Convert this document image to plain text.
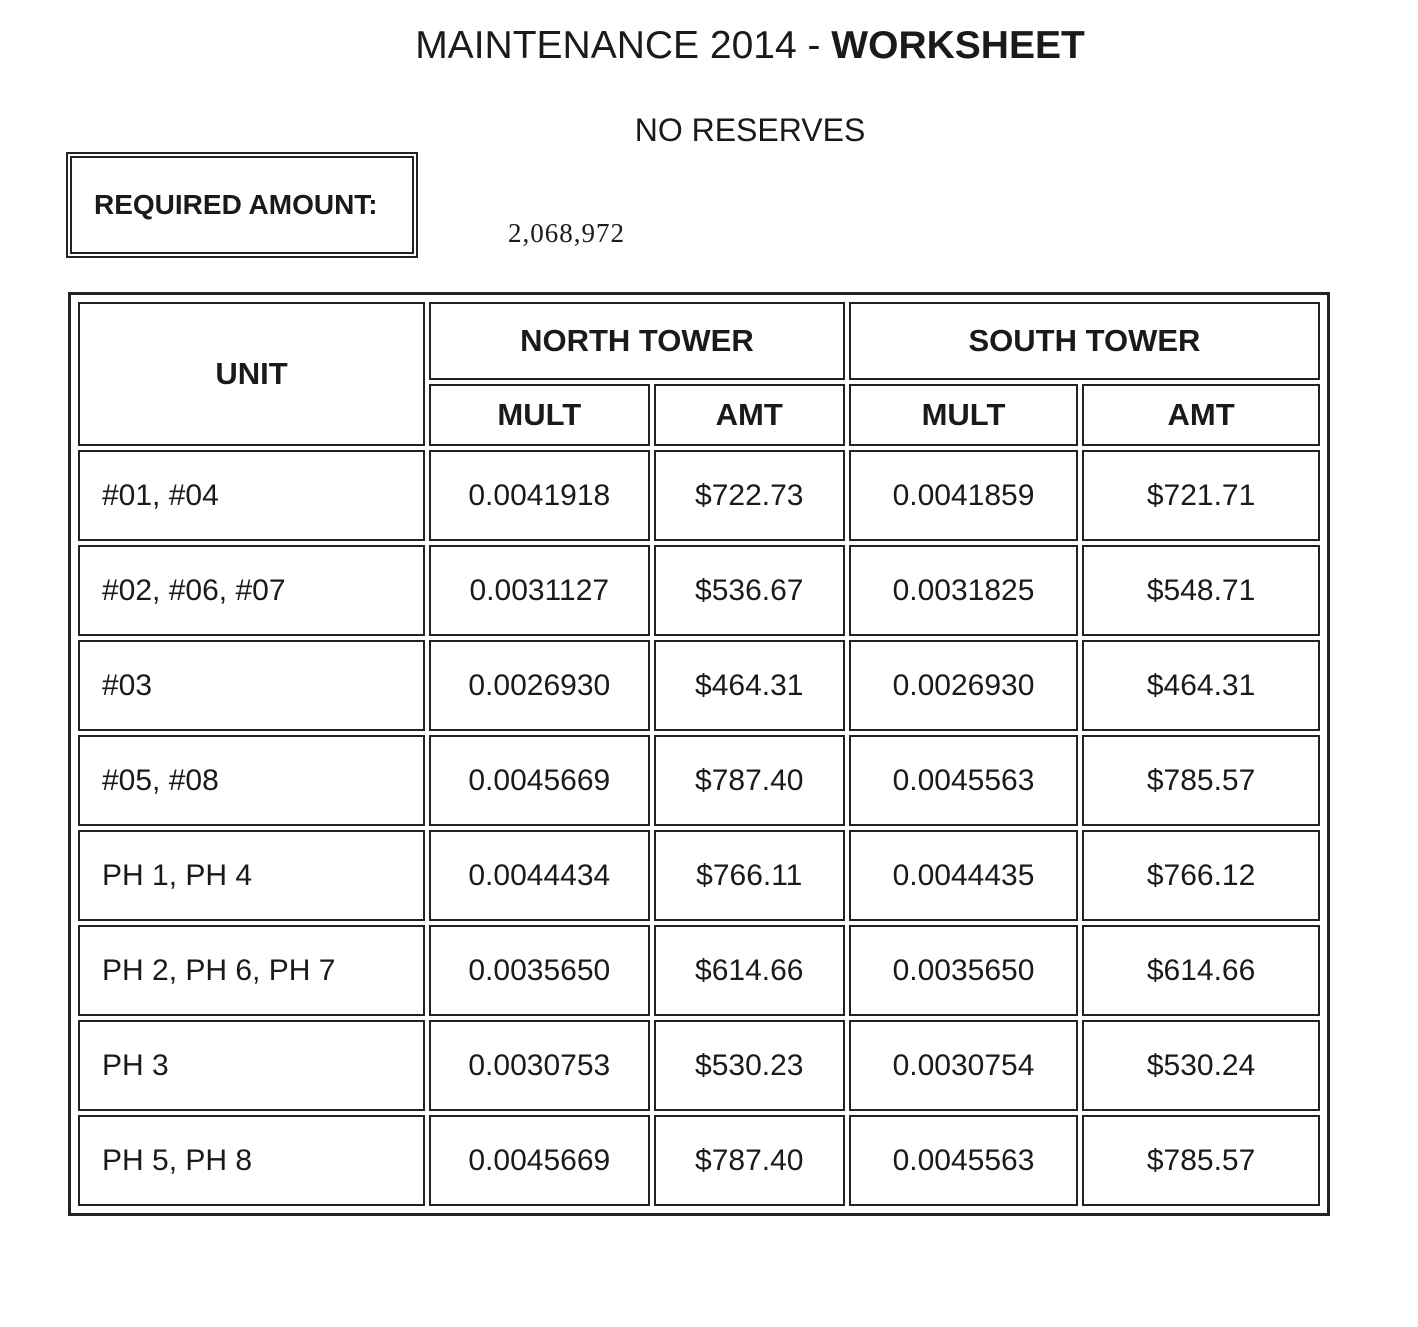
MAINTENANCE 2014 - WORKSHEET
NO RESERVES
REQUIRED AMOUNT:
2,068,972
UNIT	NORTH TOWER		SOUTH TOWER	
	MULT	AMT	MULT	AMT
#01, #04	0.0041918	$722.73	0.0041859	$721.71
#02, #06, #07	0.0031127	$536.67	0.0031825	$548.71
#03	0.0026930	$464.31	0.0026930	$464.31
#05, #08	0.0045669	$787.40	0.0045563	$785.57
PH 1, PH 4	0.0044434	$766.11	0.0044435	$766.12
PH 2, PH 6, PH 7	0.0035650	$614.66	0.0035650	$614.66
PH 3	0.0030753	$530.23	0.0030754	$530.24
PH 5, PH 8	0.0045669	$787.40	0.0045563	$785.57
